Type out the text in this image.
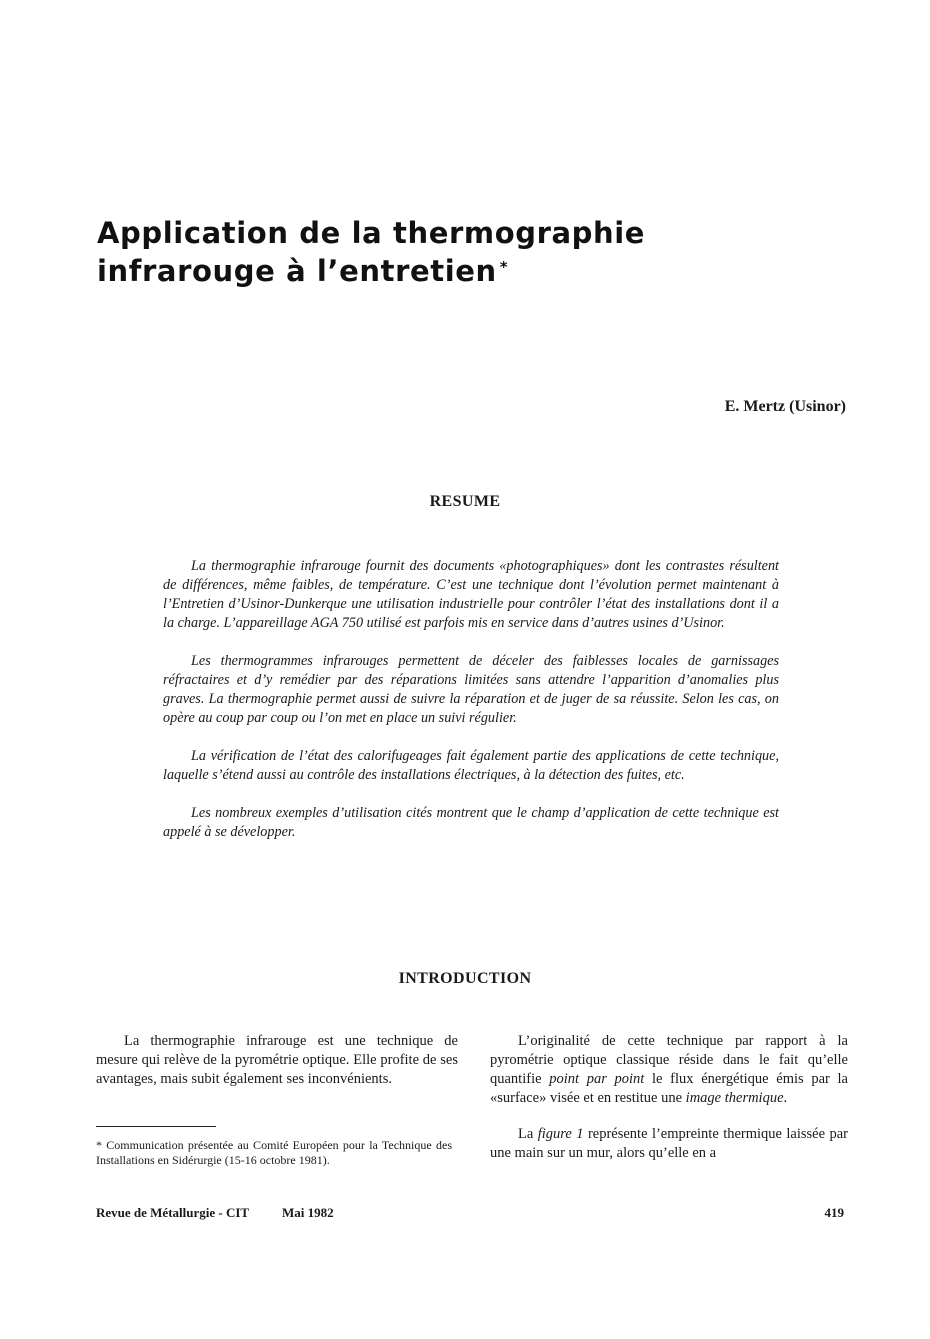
Application de la thermographie
infrarouge à l’entretien *
E. Mertz (Usinor)
RESUME

La thermographie infrarouge fournit des documents «photographiques» dont les contrastes résultent de différences, même faibles, de température. C’est une technique dont l’évolution permet maintenant à l’Entretien d’Usinor-Dunkerque une utilisation industrielle pour contrôler l’état des installations dont il a la charge. L’appareillage AGA 750 utilisé est parfois mis en service dans d’autres usines d’Usinor.

Les thermogrammes infrarouges permettent de déceler des faiblesses locales de garnissages réfractaires et d’y remédier par des réparations limitées sans attendre l’apparition d’anomalies plus graves. La thermographie permet aussi de suivre la réparation et de juger de sa réussite. Selon les cas, on opère au coup par coup ou l’on met en place un suivi régulier.

La vérification de l’état des calorifugeages fait également partie des applications de cette technique, laquelle s’étend aussi au contrôle des installations électriques, à la détection des fuites, etc.

Les nombreux exemples d’utilisation cités montrent que le champ d’application de cette technique est appelé à se développer.

INTRODUCTION

La thermographie infrarouge est une technique de mesure qui relève de la pyrométrie optique. Elle profite de ses avantages, mais subit également ses inconvénients.

L’originalité de cette technique par rapport à la pyrométrie optique classique réside dans le fait qu’elle quantifie point par point le flux énergétique émis par la «surface» visée et en restitue une image thermique.

La figure 1 représente l’empreinte thermique laissée par une main sur un mur, alors qu’elle en a

* Communication présentée au Comité Européen pour la Technique des Installations en Sidérurgie (15-16 octobre 1981).
Revue de Métallurgie - CIT	Mai 1982	419
